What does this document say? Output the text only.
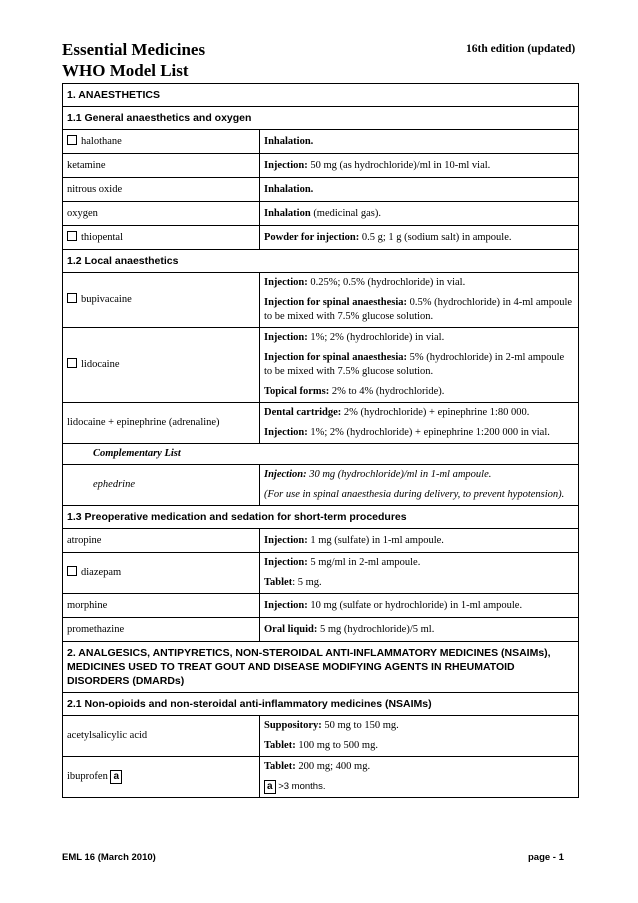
Essential Medicines
WHO Model List
16th edition (updated)
1. ANAESTHETICS	
1.1 General anaesthetics and oxygen	
halothane	Inhalation.
ketamine	Injection: 50 mg (as hydrochloride)/ml in 10-ml vial.
nitrous oxide	Inhalation.
oxygen	Inhalation (medicinal gas).
thiopental	Powder for injection: 0.5 g; 1 g (sodium salt) in ampoule.
1.2 Local anaesthetics	
bupivacaine	Injection: 0.25%; 0.5% (hydrochloride) in vial.

Injection for spinal anaesthesia: 0.5% (hydrochloride) in 4-ml ampoule to be mixed with 7.5% glucose solution.

lidocaine	Injection: 1%; 2% (hydrochloride) in vial.

Injection for spinal anaesthesia: 5% (hydrochloride) in 2-ml ampoule to be mixed with 7.5% glucose solution.

Topical forms: 2% to 4% (hydrochloride).

lidocaine + epinephrine (adrenaline)	Dental cartridge: 2% (hydrochloride) + epinephrine 1:80 000.

Injection: 1%; 2% (hydrochloride) + epinephrine 1:200 000 in vial.

Complementary List	
ephedrine	Injection: 30 mg (hydrochloride)/ml in 1-ml ampoule.

(For use in spinal anaesthesia during delivery, to prevent hypotension).

1.3 Preoperative medication and sedation for short-term procedures	
atropine	Injection: 1 mg (sulfate) in 1-ml ampoule.
diazepam	Injection: 5 mg/ml in 2-ml ampoule.

Tablet: 5 mg.

morphine	Injection: 10 mg (sulfate or hydrochloride) in 1-ml ampoule.
promethazine	Oral liquid: 5 mg (hydrochloride)/5 ml.
2. ANALGESICS, ANTIPYRETICS, NON-STEROIDAL ANTI-INFLAMMATORY MEDICINES (NSAIMs), MEDICINES USED TO TREAT GOUT AND DISEASE MODIFYING AGENTS IN RHEUMATOID DISORDERS (DMARDs)	
2.1 Non-opioids and non-steroidal anti-inflammatory medicines (NSAIMs)	
acetylsalicylic acid	Suppository: 50 mg to 150 mg.

Tablet: 100 mg to 500 mg.

ibuprofen a	Tablet: 200 mg; 400 mg.

a >3 months.

EML 16 (March 2010)	page - 1
